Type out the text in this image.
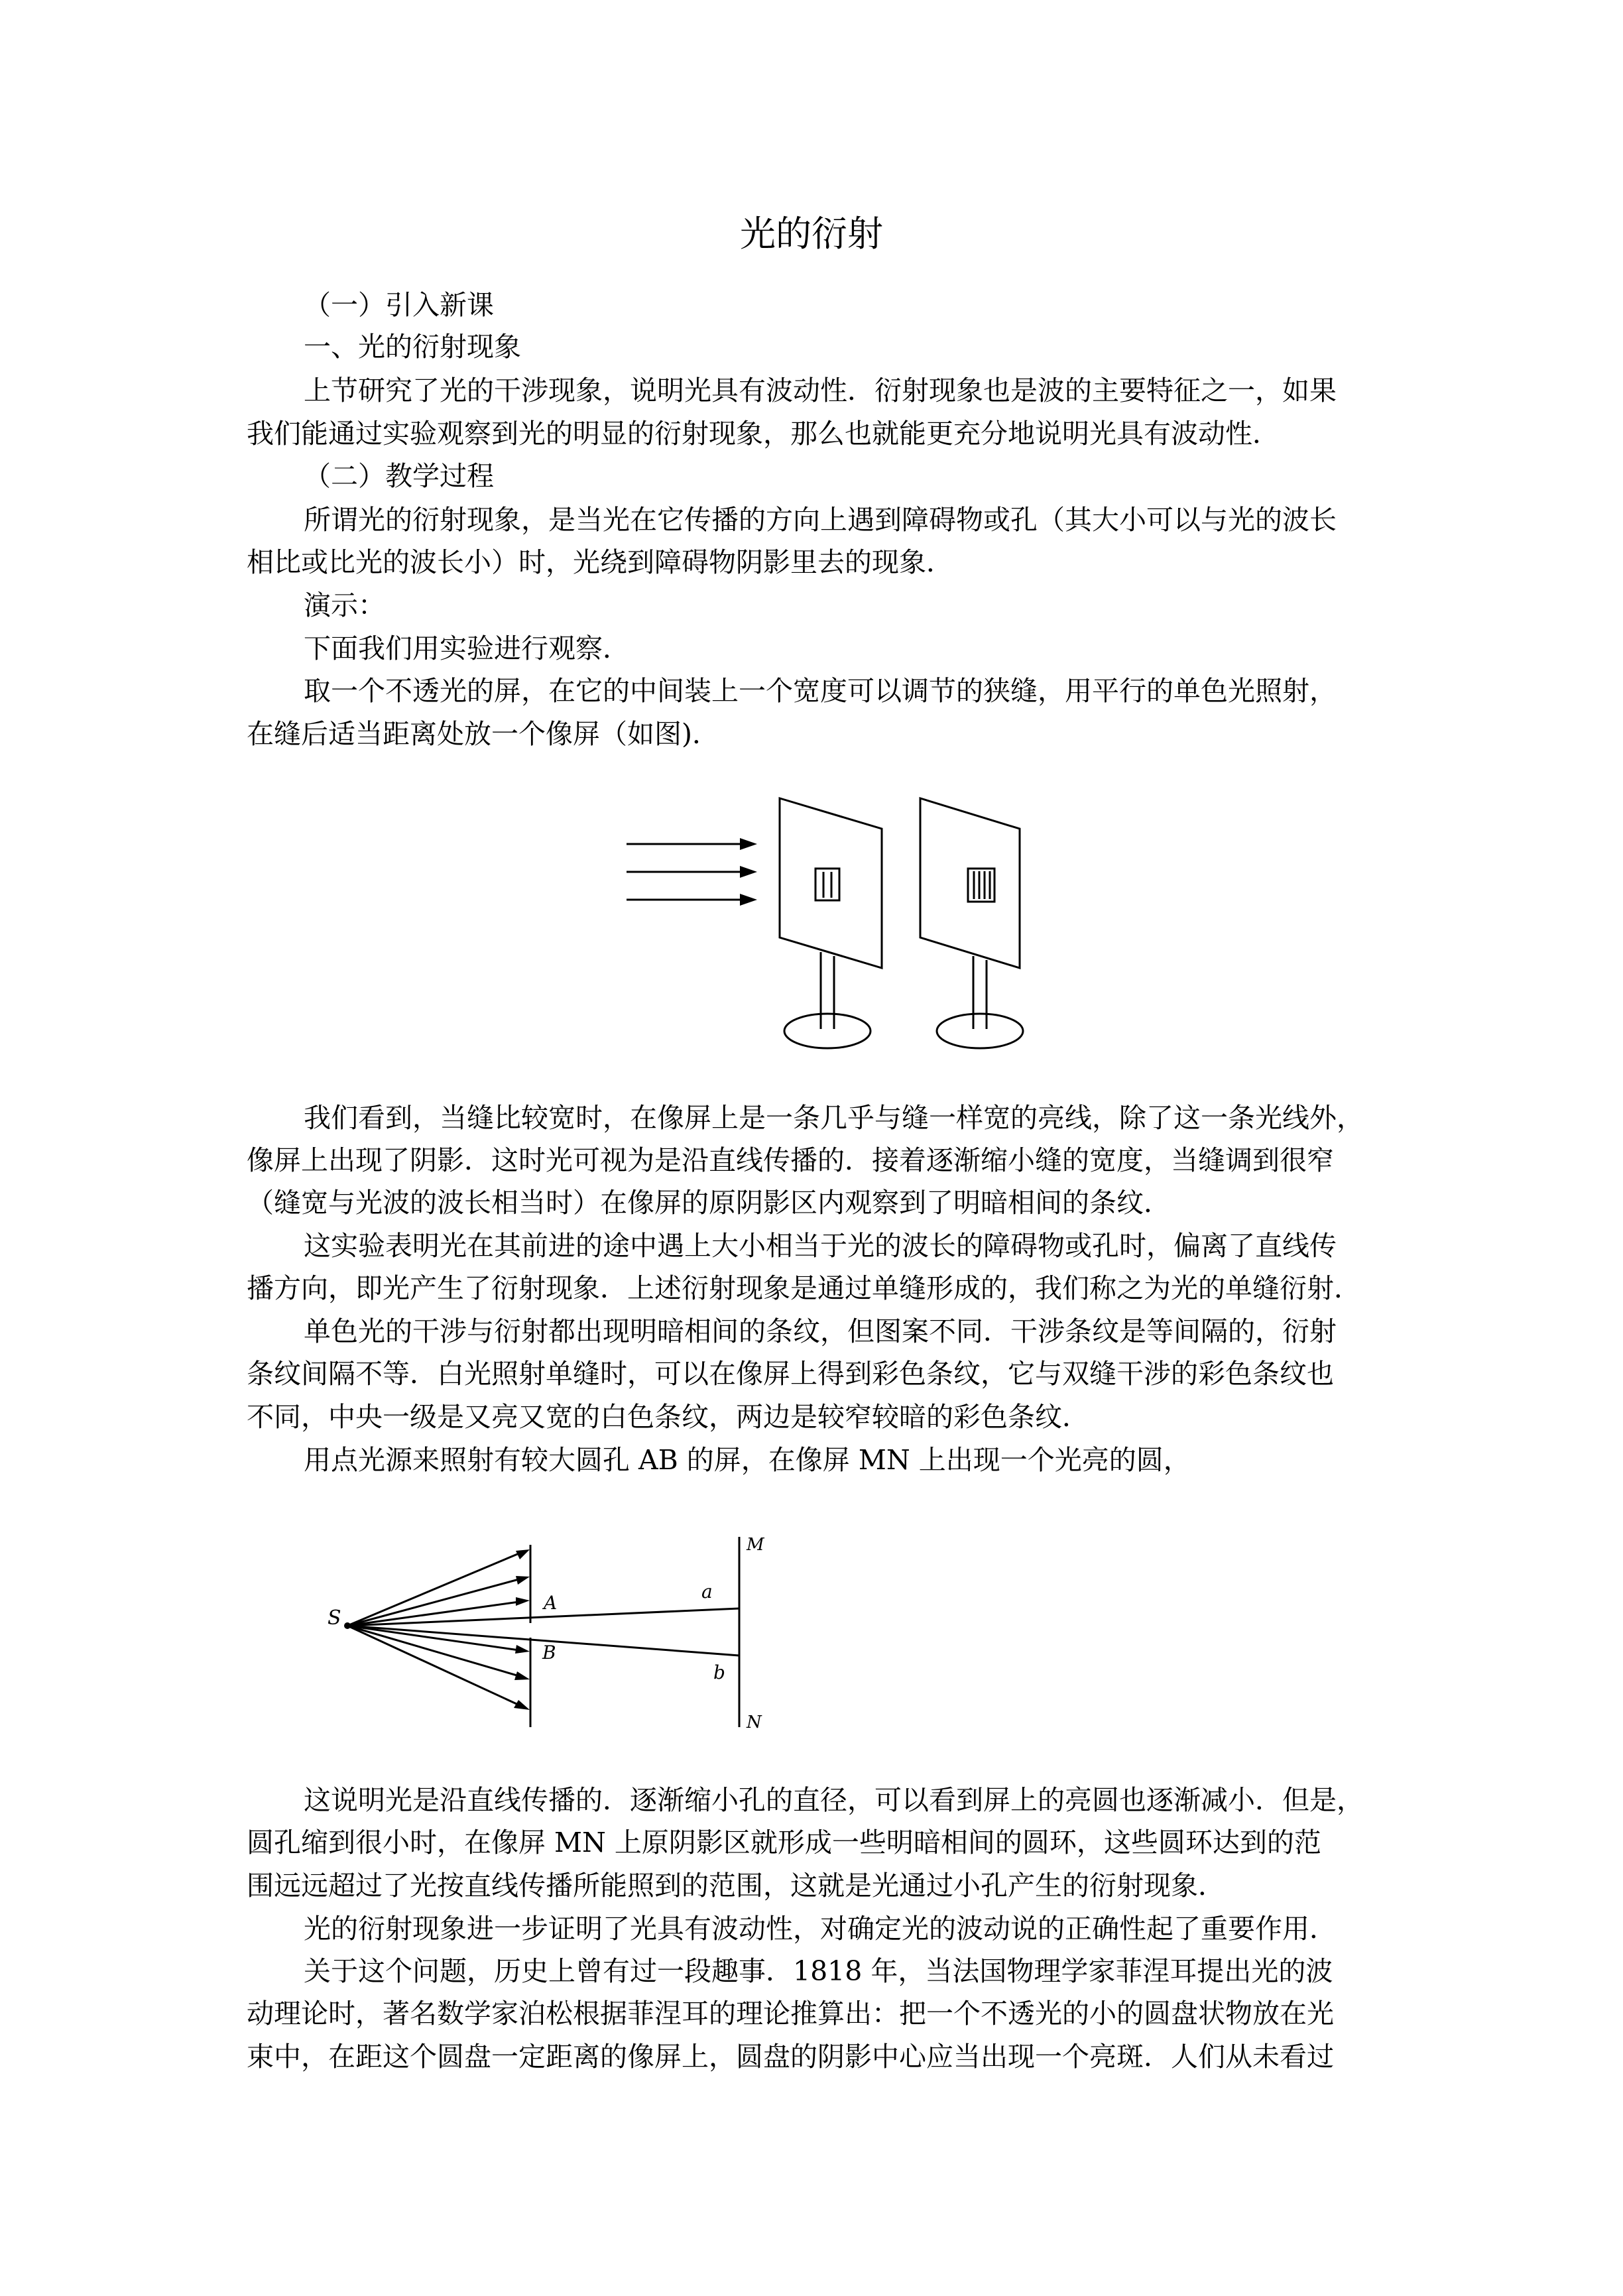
光的衍射

（一）引入新课

一、光的衍射现象

上节研究了光的干涉现象，说明光具有波动性．衍射现象也是波的主要特征之一，如果

我们能通过实验观察到光的明显的衍射现象，那么也就能更充分地说明光具有波动性．

（二）教学过程

所谓光的衍射现象，是当光在它传播的方向上遇到障碍物或孔（其大小可以与光的波长

相比或比光的波长小）时，光绕到障碍物阴影里去的现象．

演示：

下面我们用实验进行观察．

取一个不透光的屏，在它的中间装上一个宽度可以调节的狭缝，用平行的单色光照射，

在缝后适当距离处放一个像屏（如图)．

我们看到，当缝比较宽时，在像屏上是一条几乎与缝一样宽的亮线，除了这一条光线外，

像屏上出现了阴影．这时光可视为是沿直线传播的．接着逐渐缩小缝的宽度，当缝调到很窄

（缝宽与光波的波长相当时）在像屏的原阴影区内观察到了明暗相间的条纹．

这实验表明光在其前进的途中遇上大小相当于光的波长的障碍物或孔时，偏离了直线传

播方向，即光产生了衍射现象．上述衍射现象是通过单缝形成的，我们称之为光的单缝衍射．

单色光的干涉与衍射都出现明暗相间的条纹，但图案不同．干涉条纹是等间隔的，衍射

条纹间隔不等．白光照射单缝时，可以在像屏上得到彩色条纹，它与双缝干涉的彩色条纹也

不同，中央一级是又亮又宽的白色条纹，两边是较窄较暗的彩色条纹．

用点光源来照射有较大圆孔 AB 的屏，在像屏 MN 上出现一个光亮的圆，

S
A
B
a
b
M
N

这说明光是沿直线传播的．逐渐缩小孔的直径，可以看到屏上的亮圆也逐渐减小．但是，

圆孔缩到很小时，在像屏 MN 上原阴影区就形成一些明暗相间的圆环，这些圆环达到的范

围远远超过了光按直线传播所能照到的范围，这就是光通过小孔产生的衍射现象．

光的衍射现象进一步证明了光具有波动性，对确定光的波动说的正确性起了重要作用．

关于这个问题，历史上曾有过一段趣事．1818 年，当法国物理学家菲涅耳提出光的波

动理论时，著名数学家泊松根据菲涅耳的理论推算出：把一个不透光的小的圆盘状物放在光

束中，在距这个圆盘一定距离的像屏上，圆盘的阴影中心应当出现一个亮斑．人们从未看过
